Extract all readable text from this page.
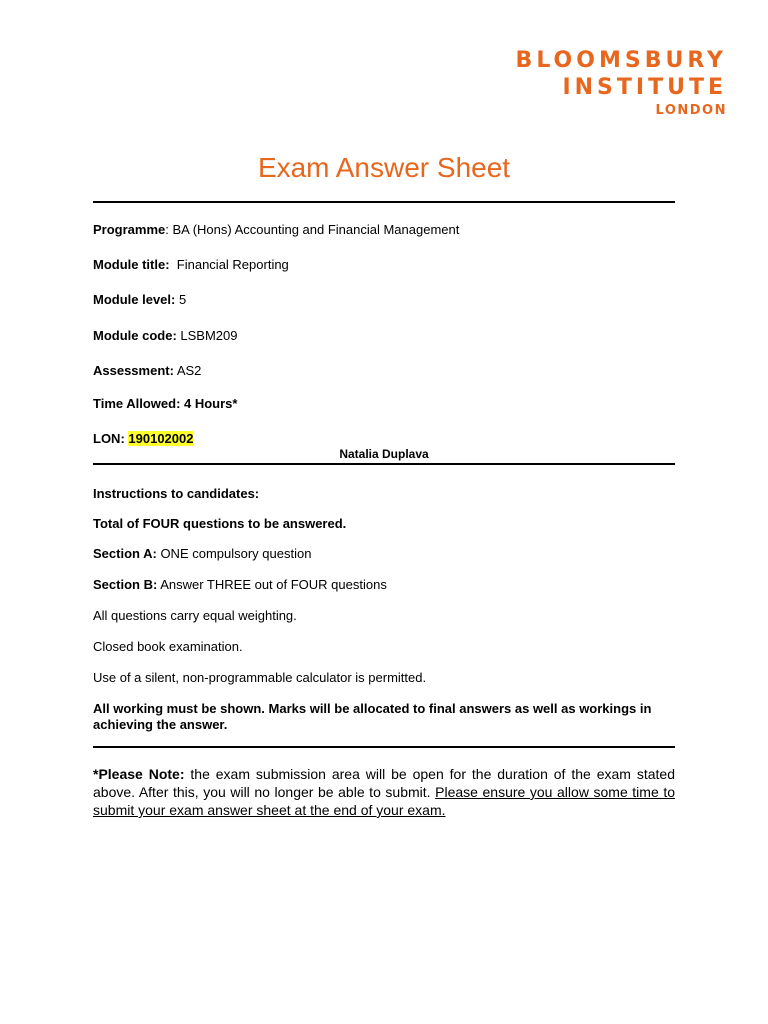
BLOOMSBURY
INSTITUTE
LONDON
Exam Answer Sheet
Programme: BA (Hons) Accounting and Financial Management
Module title: Financial Reporting
Module level: 5
Module code: LSBM209
Assessment: AS2
Time Allowed: 4 Hours*
LON: 190102002
Natalia Duplava
Instructions to candidates:
Total of FOUR questions to be answered.
Section A: ONE compulsory question
Section B: Answer THREE out of FOUR questions
All questions carry equal weighting.
Closed book examination.
Use of a silent, non-programmable calculator is permitted.
All working must be shown. Marks will be allocated to final answers as well as workings in achieving the answer.
*Please Note: the exam submission area will be open for the duration of the exam stated above. After this, you will no longer be able to submit. Please ensure you allow some time to submit your exam answer sheet at the end of your exam.
